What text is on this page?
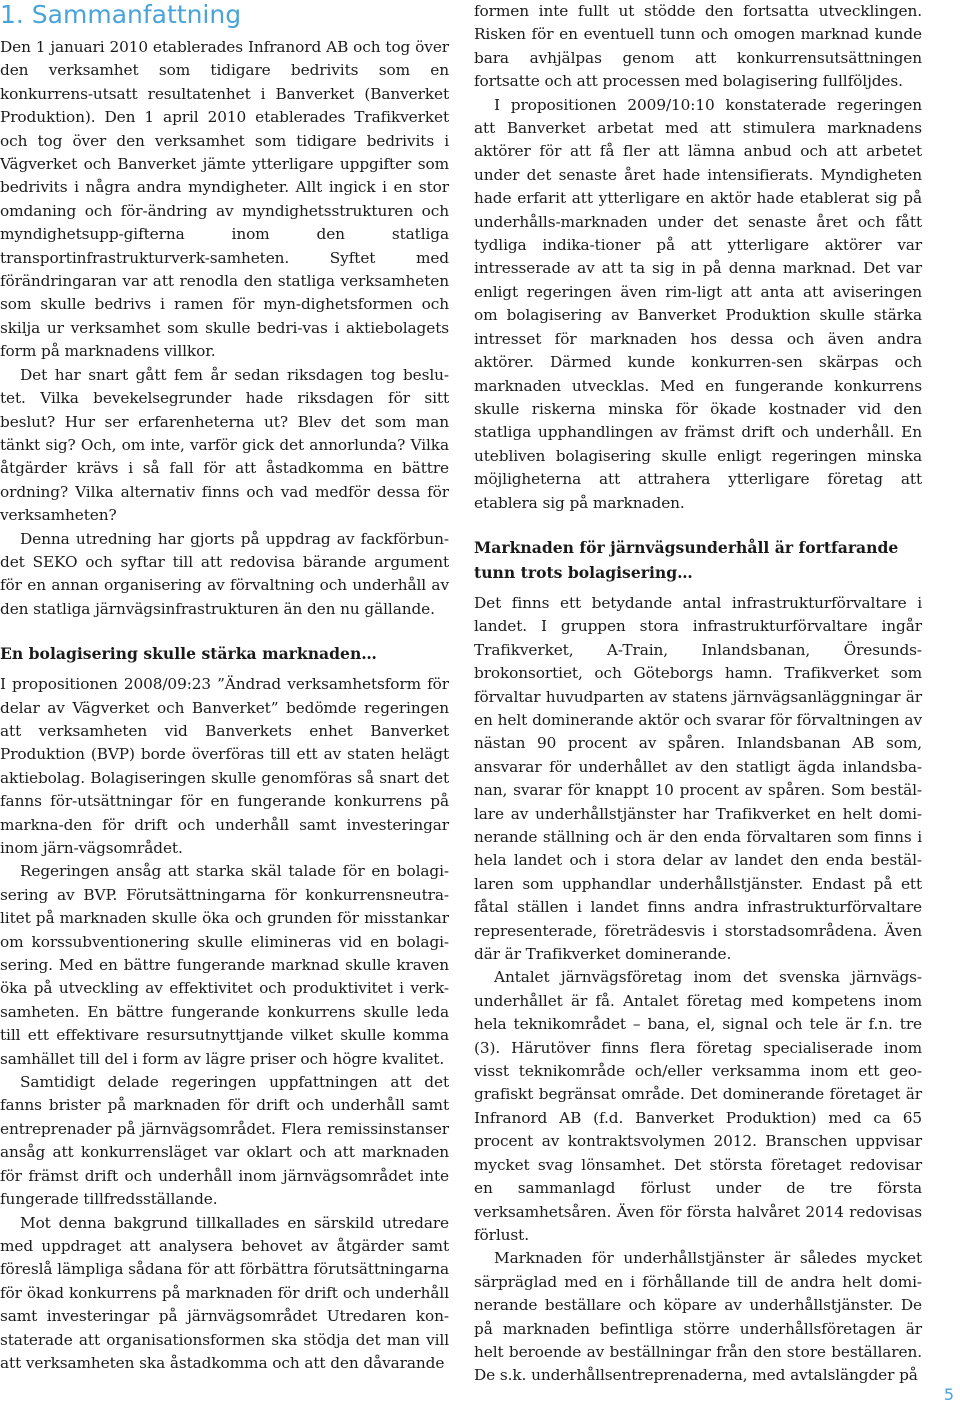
1. Sammanfattning

Den 1 januari 2010 etablerades Infranord AB och tog över den verksamhet som tidigare bedrivits som en konkurrens-utsatt resultatenhet i Banverket (Banverket Produktion). Den 1 april 2010 etablerades Trafikverket och tog över den verksamhet som tidigare bedrivits i Vägverket och Banverket jämte ytterligare uppgifter som bedrivits i några andra myndigheter. Allt ingick i en stor omdaning och för-ändring av myndighetsstrukturen och myndighetsupp-gifterna inom den statliga transportinfrastrukturverk-samheten. Syftet med förändringaran var att renodla den statliga verksamheten som skulle bedrivs i ramen för myn-dighetsformen och skilja ur verksamhet som skulle bedri-vas i aktiebolagets form på marknadens villkor.

Det har snart gått fem år sedan riksdagen tog beslu-tet. Vilka bevekelsegrunder hade riksdagen för sitt beslut? Hur ser erfarenheterna ut? Blev det som man tänkt sig? Och, om inte, varför gick det annorlunda? Vilka åtgärder krävs i så fall för att åstadkomma en bättre ordning? Vilka alternativ finns och vad medför dessa för verksamheten?

Denna utredning har gjorts på uppdrag av fackförbun-det SEKO och syftar till att redovisa bärande argument för en annan organisering av förvaltning och underhåll av den statliga järnvägsinfrastrukturen än den nu gällande.

En bolagisering skulle stärka marknaden…

I propositionen 2008/09:23 ”Ändrad verksamhetsform för delar av Vägverket och Banverket” bedömde regeringen att verksamheten vid Banverkets enhet Banverket Produktion (BVP) borde överföras till ett av staten helägt aktiebolag. Bolagiseringen skulle genomföras så snart det fanns för-utsättningar för en fungerande konkurrens på markna-den för drift och underhåll samt investeringar inom järn-vägsområdet.

Regeringen ansåg att starka skäl talade för en bolagi-sering av BVP. Förutsättningarna för konkurrensneutra-litet på marknaden skulle öka och grunden för misstankar om korssubventionering skulle elimineras vid en bolagi-sering. Med en bättre fungerande marknad skulle kraven öka på utveckling av effektivitet och produktivitet i verk-samheten. En bättre fungerande konkurrens skulle leda till ett effektivare resursutnyttjande vilket skulle komma samhället till del i form av lägre priser och högre kvalitet.

Samtidigt delade regeringen uppfattningen att det fanns brister på marknaden för drift och underhåll samt entreprenader på järnvägsområdet. Flera remissinstanser ansåg att konkurrensläget var oklart och att marknaden för främst drift och underhåll inom järnvägsområdet inte fungerade tillfredsställande.

Mot denna bakgrund tillkallades en särskild utredare med uppdraget att analysera behovet av åtgärder samt föreslå lämpliga sådana för att förbättra förutsättningarna för ökad konkurrens på marknaden för drift och underhåll samt investeringar på järnvägsområdet Utredaren kon-staterade att organisationsformen ska stödja det man vill att verksamheten ska åstadkomma och att den dåvarande

formen inte fullt ut stödde den fortsatta utvecklingen. Risken för en eventuell tunn och omogen marknad kunde bara avhjälpas genom att konkurrensutsättningen fortsatte och att processen med bolagisering fullföljdes.

I propositionen 2009/10:10 konstaterade regeringen att Banverket arbetat med att stimulera marknadens aktörer för att få fler att lämna anbud och att arbetet under det senaste året hade intensifierats. Myndigheten hade erfarit att ytterligare en aktör hade etablerat sig på underhålls-marknaden under det senaste året och fått tydliga indika-tioner på att ytterligare aktörer var intresserade av att ta sig in på denna marknad. Det var enligt regeringen även rim-ligt att anta att aviseringen om bolagisering av Banverket Produktion skulle stärka intresset för marknaden hos dessa och även andra aktörer. Därmed kunde konkurren-sen skärpas och marknaden utvecklas. Med en fungerande konkurrens skulle riskerna minska för ökade kostnader vid den statliga upphandlingen av främst drift och underhåll. En utebliven bolagisering skulle enligt regeringen minska möjligheterna att attrahera ytterligare företag att etablera sig på marknaden.

Marknaden för järnvägsunderhåll är fortfarande tunn trots bolagisering…

Det finns ett betydande antal infrastrukturförvaltare i landet. I gruppen stora infrastrukturförvaltare ingår Trafikverket, A-Train, Inlandsbanan, Öresunds-brokonsortiet, och Göteborgs hamn. Trafikverket som förvaltar huvudparten av statens järnvägsanläggningar är en helt dominerande aktör och svarar för förvaltningen av nästan 90 procent av spåren. Inlandsbanan AB som, ansvarar för underhållet av den statligt ägda inlandsba-nan, svarar för knappt 10 procent av spåren. Som bestäl-lare av underhållstjänster har Trafikverket en helt domi-nerande ställning och är den enda förvaltaren som finns i hela landet och i stora delar av landet den enda bestäl-laren som upphandlar underhållstjänster. Endast på ett fåtal ställen i landet finns andra infrastrukturförvaltare representerade, företrädesvis i storstadsområdena. Även där är Trafikverket dominerande.

Antalet järnvägsföretag inom det svenska järnvägs-underhållet är få. Antalet företag med kompetens inom hela teknikområdet – bana, el, signal och tele är f.n. tre (3). Härutöver finns flera företag specialiserade inom visst teknikområde och/eller verksamma inom ett geo-grafiskt begränsat område. Det dominerande företaget är Infranord AB (f.d. Banverket Produktion) med ca 65 procent av kontraktsvolymen 2012. Branschen uppvisar mycket svag lönsamhet. Det största företaget redovisar en sammanlagd förlust under de tre första verksamhetsåren. Även för första halvåret 2014 redovisas förlust.

Marknaden för underhållstjänster är således mycket särpräglad med en i förhållande till de andra helt domi-nerande beställare och köpare av underhållstjänster. De på marknaden befintliga större underhållsföretagen är helt beroende av beställningar från den store beställaren. De s.k. underhållsentreprenaderna, med avtalslängder på

5
